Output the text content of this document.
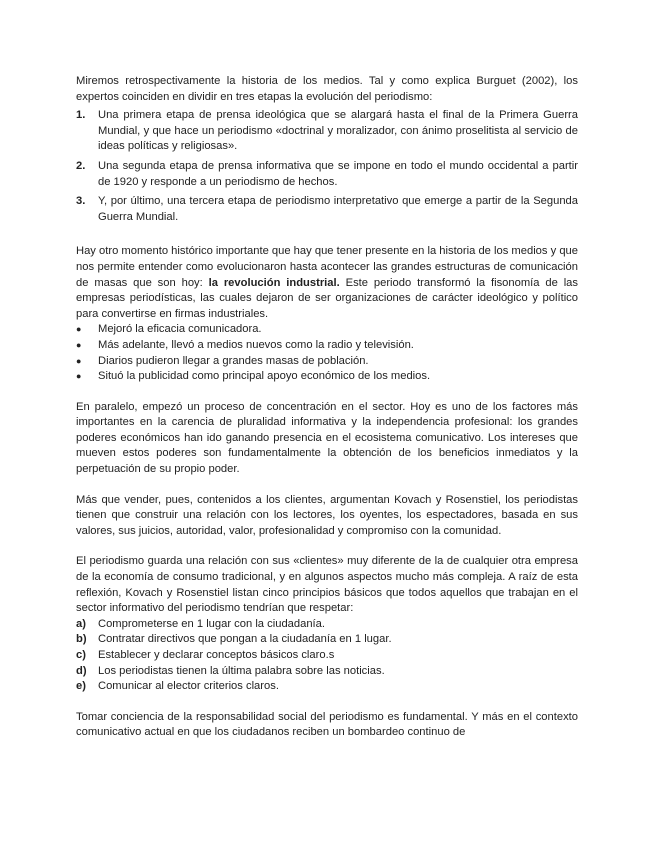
Miremos retrospectivamente la historia de los medios. Tal y como explica Burguet (2002), los expertos coinciden en dividir en tres etapas la evolución del periodismo:

1 .	Una primera etapa de prensa ideológica que se alargará hasta el final de la Primera Guerra Mundial, y que hace un periodismo «doctrinal y moralizador, con ánimo proselitista al servicio de ideas políticas y religiosas».
2 .	Una segunda etapa de prensa informativa que se impone en todo el mundo occidental a partir de 1920 y responde a un periodismo de hechos.
3 .	Y, por último, una tercera etapa de periodismo interpretativo que emerge a partir de la Segunda Guerra Mundial.

Hay otro momento histórico importante que hay que tener presente en la historia de los medios y que nos permite entender como evolucionaron hasta acontecer las grandes estructuras de comunicación de masas que son hoy: la revolución industrial. Este periodo transformó la fisonomía de las empresas periodísticas, las cuales dejaron de ser organizaciones de carácter ideológico y político para convertirse en firmas industriales.

● Mejoró la eficacia comunicadora.
● Más adelante, llevó a medios nuevos como la radio y televisión.
● Diarios pudieron llegar a grandes masas de población.
● Situó la publicidad como principal apoyo económico de los medios.

En paralelo, empezó un proceso de concentración en el sector. Hoy es uno de los factores más importantes en la carencia de pluralidad informativa y la independencia profesional: los grandes poderes económicos han ido ganando presencia en el ecosistema comunicativo. Los intereses que mueven estos poderes son fundamentalmente la obtención de los beneficios inmediatos y la perpetuación de su propio poder.

Más que vender, pues, contenidos a los clientes, argumentan Kovach y Rosenstiel, los periodistas tienen que construir una relación con los lectores, los oyentes, los espectadores, basada en sus valores, sus juicios, autoridad, valor, profesionalidad y compromiso con la comunidad.

El periodismo guarda una relación con sus «clientes» muy diferente de la de cualquier otra empresa de la economía de consumo tradicional, y en algunos aspectos mucho más compleja. A raíz de esta reflexión, Kovach y Rosenstiel listan cinco principios básicos que todos aquellos que trabajan en el sector informativo del periodismo tendrían que respetar:

a )	Comprometerse en 1 lugar con la ciudadanía.
b )	Contratar directivos que pongan a la ciudadanía en 1 lugar.
c )	Establecer y declarar conceptos básicos claro.s
d )	Los periodistas tienen la última palabra sobre las noticias.
e )	Comunicar al elector criterios claros.

Tomar conciencia de la responsabilidad social del periodismo es fundamental. Y más en el contexto comunicativo actual en que los ciudadanos reciben un bombardeo continuo de
